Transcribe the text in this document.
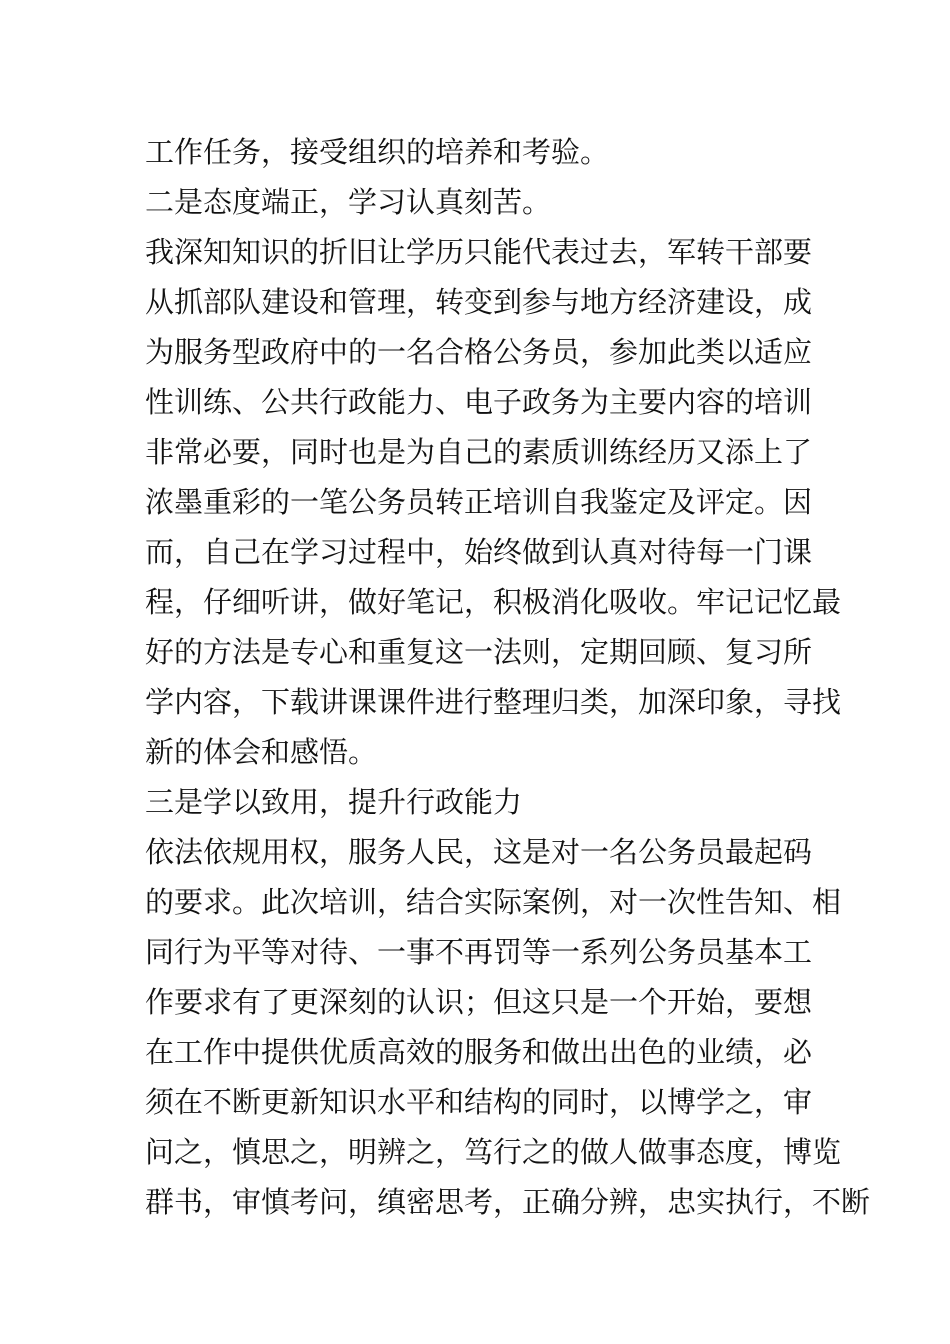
工作任务，接受组织的培养和考验。
二是态度端正，学习认真刻苦。
我深知知识的折旧让学历只能代表过去，军转干部要
从抓部队建设和管理，转变到参与地方经济建设，成
为服务型政府中的一名合格公务员，参加此类以适应
性训练、公共行政能力、电子政务为主要内容的培训
非常必要，同时也是为自己的素质训练经历又添上了
浓墨重彩的一笔公务员转正培训自我鉴定及评定。因
而，自己在学习过程中，始终做到认真对待每一门课
程，仔细听讲，做好笔记，积极消化吸收。牢记记忆最
好的方法是专心和重复这一法则，定期回顾、复习所
学内容，下载讲课课件进行整理归类，加深印象，寻找
新的体会和感悟。
三是学以致用，提升行政能力
依法依规用权，服务人民，这是对一名公务员最起码
的要求。此次培训，结合实际案例，对一次性告知、相
同行为平等对待、一事不再罚等一系列公务员基本工
作要求有了更深刻的认识；但这只是一个开始，要想
在工作中提供优质高效的服务和做出出色的业绩，必
须在不断更新知识水平和结构的同时，以博学之，审
问之，慎思之，明辨之，笃行之的做人做事态度，博览
群书，审慎考问，缜密思考，正确分辨，忠实执行，不断
